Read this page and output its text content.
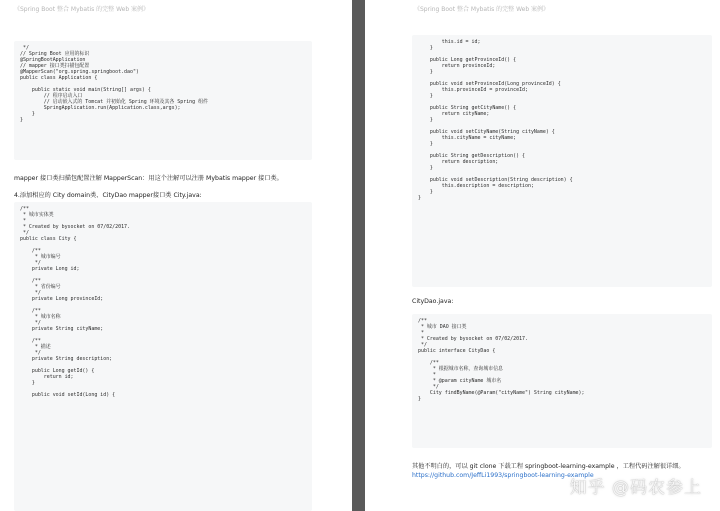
《Spring Boot 整合 Mybatis 的完整 Web 案例》
*/
// Spring Boot 应用的标识
@SpringBootApplication
// mapper 接口类扫描包配置
@MapperScan("org.spring.springboot.dao")
public class Application {

public static void main(String[] args) {
// 程序启动入口
// 启动嵌入式的 Tomcat 并初始化 Spring 环境及其各 Spring 组件
SpringApplication.run(Application.class,args);
}
}
mapper 接口类扫描包配置注解 MapperScan：用这个注解可以注册 Mybatis mapper 接口类。
4.添加相应的 City domain类、CityDao mapper接口类 City.java:
/**
* 城市实体类
*
* Created by bysocket on 07/02/2017.
*/
public class City {

/**
* 城市编号
*/
private Long id;

/**
* 省份编号
*/
private Long provinceId;

/**
* 城市名称
*/
private String cityName;

/**
* 描述
*/
private String description;

public Long getId() {
return id;
}

public void setId(Long id) {
《Spring Boot 整合 Mybatis 的完整 Web 案例》
this.id = id;
}

public Long getProvinceId() {
return provinceId;
}

public void setProvinceId(Long provinceId) {
this.provinceId = provinceId;
}

public String getCityName() {
return cityName;
}

public void setCityName(String cityName) {
this.cityName = cityName;
}

public String getDescription() {
return description;
}

public void setDescription(String description) {
this.description = description;
}
}
CityDao.java:
/**
* 城市 DAO 接口类
*
* Created by bysocket on 07/02/2017.
*/
public interface CityDao {

/**
* 根据城市名称，查询城市信息
*
* @param cityName 城市名
*/
City findByName(@Param("cityName") String cityName);
}
其他不明白的，可以 git clone 下载工程 springboot-learning-example ，工程代码注解很详细。
https://github.com/JeffLi1993/springboot-learning-example
知乎 @码农参上
